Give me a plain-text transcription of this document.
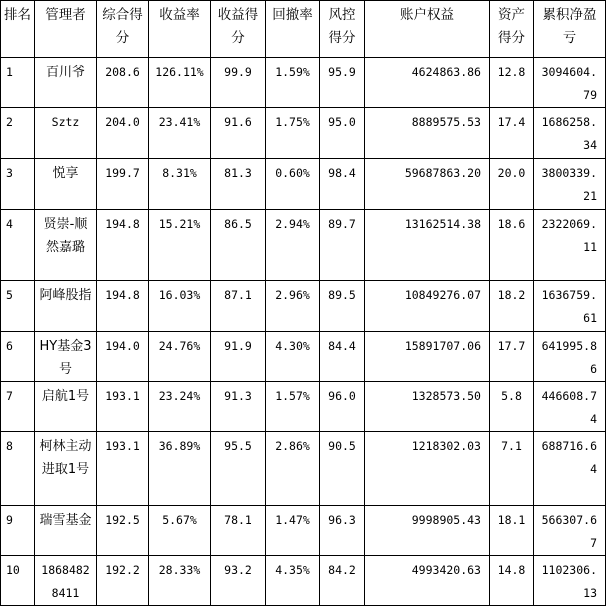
排名	管理者	综合得分	收益率	收益得分	回撤率	风控得分	账户权益	资产得分	累积净盈亏
1	百川爷	208.6	126.11%	99.9	1.59%	95.9	4624863.86	12.8	3094604.79
2	Sztz	204.0	23.41%	91.6	1.75%	95.0	8889575.53	17.4	1686258.34
3	悦享	199.7	8.31%	81.3	0.60%	98.4	59687863.20	20.0	3800339.21
4	贤崇-顺然嘉璐	194.8	15.21%	86.5	2.94%	89.7	13162514.38	18.6	2322069.11
5	阿峰股指	194.8	16.03%	87.1	2.96%	89.5	10849276.07	18.2	1636759.61
6	HY基金3号	194.0	24.76%	91.9	4.30%	84.4	15891707.06	17.7	641995.86
7	启航1号	193.1	23.24%	91.3	1.57%	96.0	1328573.50	5.8	446608.74
8	柯林主动进取1号	193.1	36.89%	95.5	2.86%	90.5	1218302.03	7.1	688716.64
9	瑞雪基金	192.5	5.67%	78.1	1.47%	96.3	9998905.43	18.1	566307.67
10	18684828411	192.2	28.33%	93.2	4.35%	84.2	4993420.63	14.8	1102306.13
